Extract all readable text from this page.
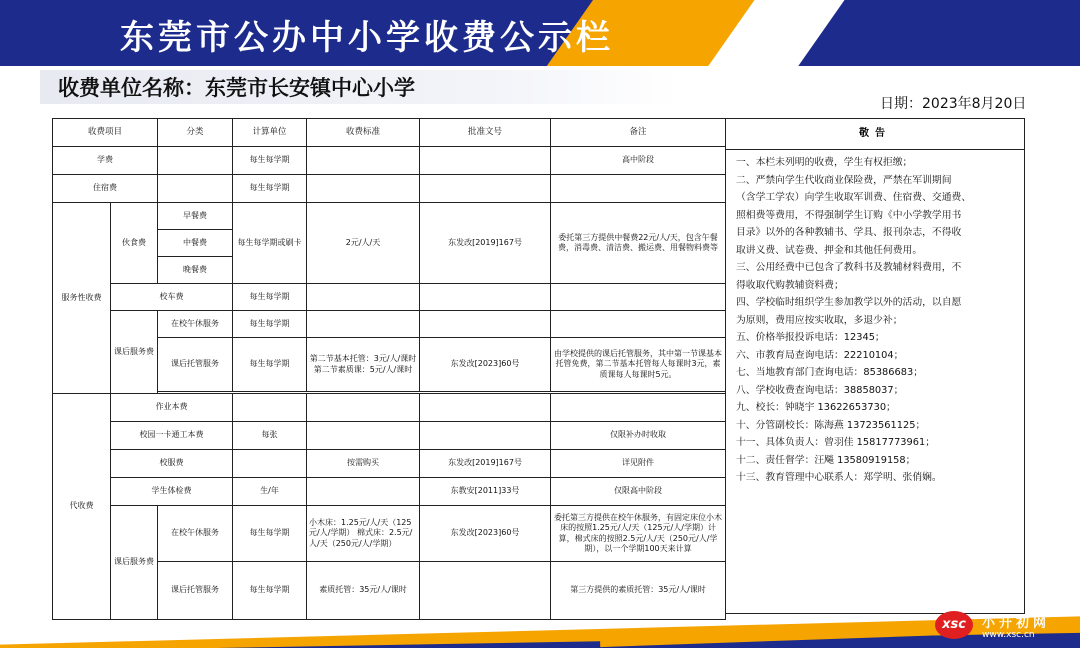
东莞市公办中小学收费公示栏
收费单位名称：东莞市长安镇中心小学
日期：2023年8月20日
收费项目		分类	计算单位	收费标准	批准文号	备注
学费			每生每学期			高中阶段
住宿费			每生每学期			
服务性收费	伙食费	早餐费	每生每学期或刷卡	2元/人/天	东发改[2019]167号	委托第三方提供中餐费22元/人/天，包含午餐费，消毒费、清洁费、搬运费、用餐物料费等
		中餐费				
		晚餐费				
	校车费		每生每学期			
	课后服务费	在校午休服务	每生每学期			
		课后托管服务	每生每学期	第二节基本托管：3元/人/课时 第二节素质课：5元/人/课时	东发改[2023]60号	由学校提供的课后托管服务，其中第一节课基本托管免费，第二节基本托管每人每课时3元，素质课每人每课时5元。

代收费	作业本费					
	校园一卡通工本费		每张			仅限补办时收取
	校服费			按需购买	东发改[2019]167号	详见附件
	学生体检费		生/年		东教安[2011]33号	仅限高中阶段
	课后服务费	在校午休服务	每生每学期	小木床：1.25元/人/天（125元/人/学期） 棉式床：2.5元/人/天（250元/人/学期）	东发改[2023]60号	委托第三方提供在校午休服务，有固定床位小木床的按照1.25元/人/天（125元/人/学期）计算，棉式床的按照2.5元/人/天（250元/人/学期），以一个学期100天来计算
		课后托管服务	每生每学期	素质托管：35元/人/课时		第三方提供的素质托管：35元/人/课时
敬告
一、本栏未列明的收费，学生有权拒缴；
二、严禁向学生代收商业保险费，严禁在军训期间
（含学工学农）向学生收取军训费、住宿费、交通费、
照相费等费用，不得强制学生订购《中小学教学用书
目录》以外的各种教辅书、学具、报刊杂志，不得收
取讲义费、试卷费、押金和其他任何费用。
三、公用经费中已包含了教科书及教辅材料费用，不
得收取代购教辅资料费；
四、学校临时组织学生参加教学以外的活动，以自愿
为原则，费用应按实收取，多退少补；
五、价格举报投诉电话：12345；
六、市教育局查询电话：22210104；
七、当地教育部门查询电话：85386683；
八、学校收费查询电话：38858037；
九、校长：钟晓宇 13622653730；
十、分管副校长：陈海燕 13723561125；
十一、具体负责人：曾羽佳 15817773961；
十二、责任督学：汪飚 13580919158；
十三、教育管理中心联系人：郑学明、张俏娴。
xsc	小升初网
www.xsc.cn
